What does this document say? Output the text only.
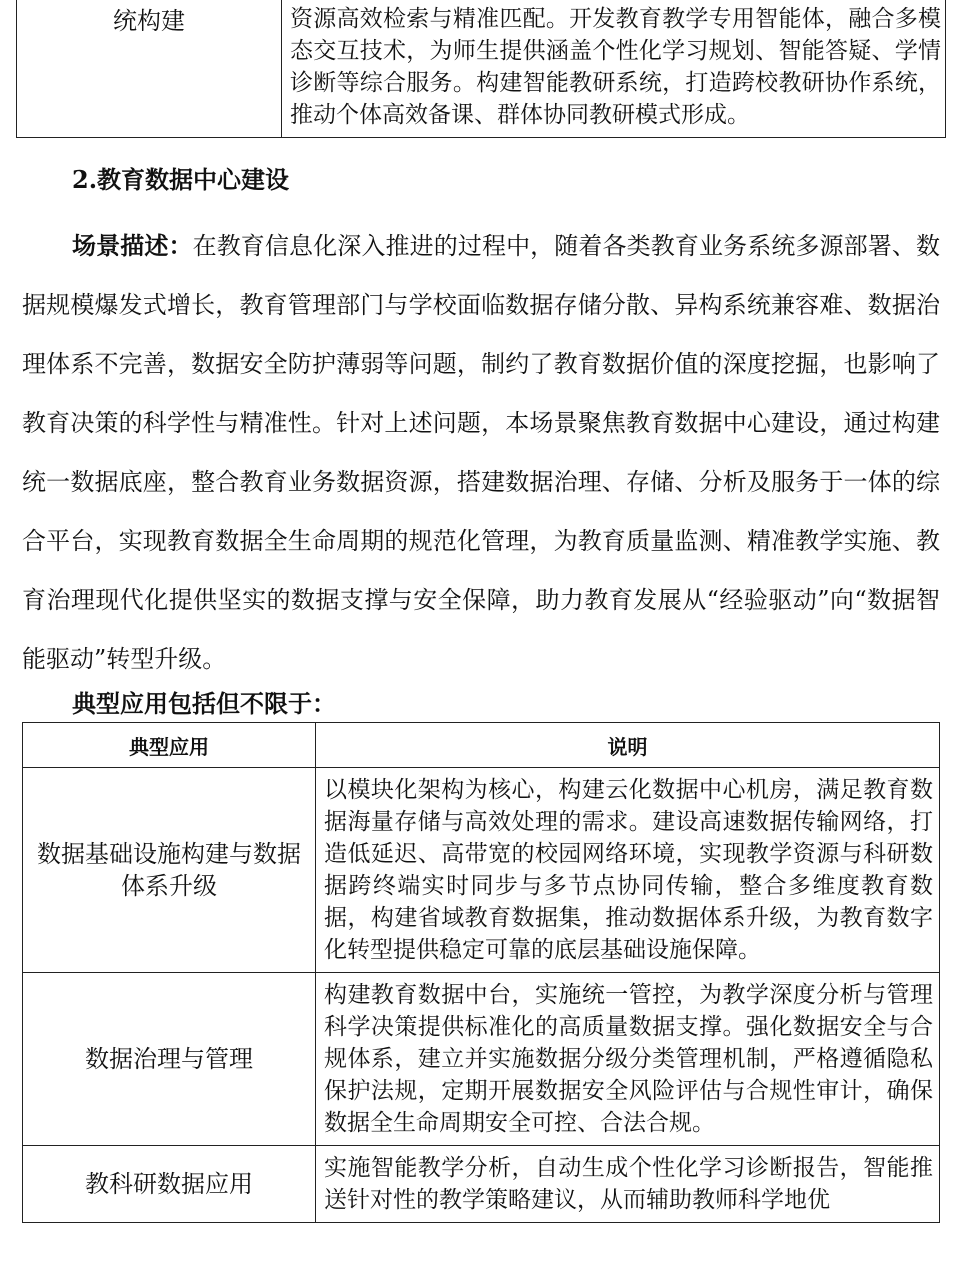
统构建	资源高效检索与精准匹配。开发教育教学专用智能体，融合多模态交互技术，为师生提供涵盖个性化学习规划、智能答疑、学情诊断等综合服务。构建智能教研系统，打造跨校教研协作系统，推动个体高效备课、群体协同教研模式形成。
2.教育数据中心建设
场景描述：在教育信息化深入推进的过程中，随着各类教育业务系统多源部署、数据规模爆发式增长，教育管理部门与学校面临数据存储分散、异构系统兼容难、数据治理体系不完善，数据安全防护薄弱等问题，制约了教育数据价值的深度挖掘，也影响了教育决策的科学性与精准性。针对上述问题，本场景聚焦教育数据中心建设，通过构建统一数据底座，整合教育业务数据资源，搭建数据治理、存储、分析及服务于一体的综合平台，实现教育数据全生命周期的规范化管理，为教育质量监测、精准教学实施、教育治理现代化提供坚实的数据支撑与安全保障，助力教育发展从“经验驱动”向“数据智能驱动”转型升级。
典型应用包括但不限于：
典型应用	说明
数据基础设施构建与数据体系升级	以模块化架构为核心，构建云化数据中心机房，满足教育数据海量存储与高效处理的需求。建设高速数据传输网络，打造低延迟、高带宽的校园网络环境，实现教学资源与科研数据跨终端实时同步与多节点协同传输，整合多维度教育数据，构建省域教育数据集，推动数据体系升级，为教育数字化转型提供稳定可靠的底层基础设施保障。
数据治理与管理	构建教育数据中台，实施统一管控，为教学深度分析与管理科学决策提供标准化的高质量数据支撑。强化数据安全与合规体系，建立并实施数据分级分类管理机制，严格遵循隐私保护法规，定期开展数据安全风险评估与合规性审计，确保数据全生命周期安全可控、合法合规。
教科研数据应用	实施智能教学分析，自动生成个性化学习诊断报告，智能推送针对性的教学策略建议，从而辅助教师科学地优
